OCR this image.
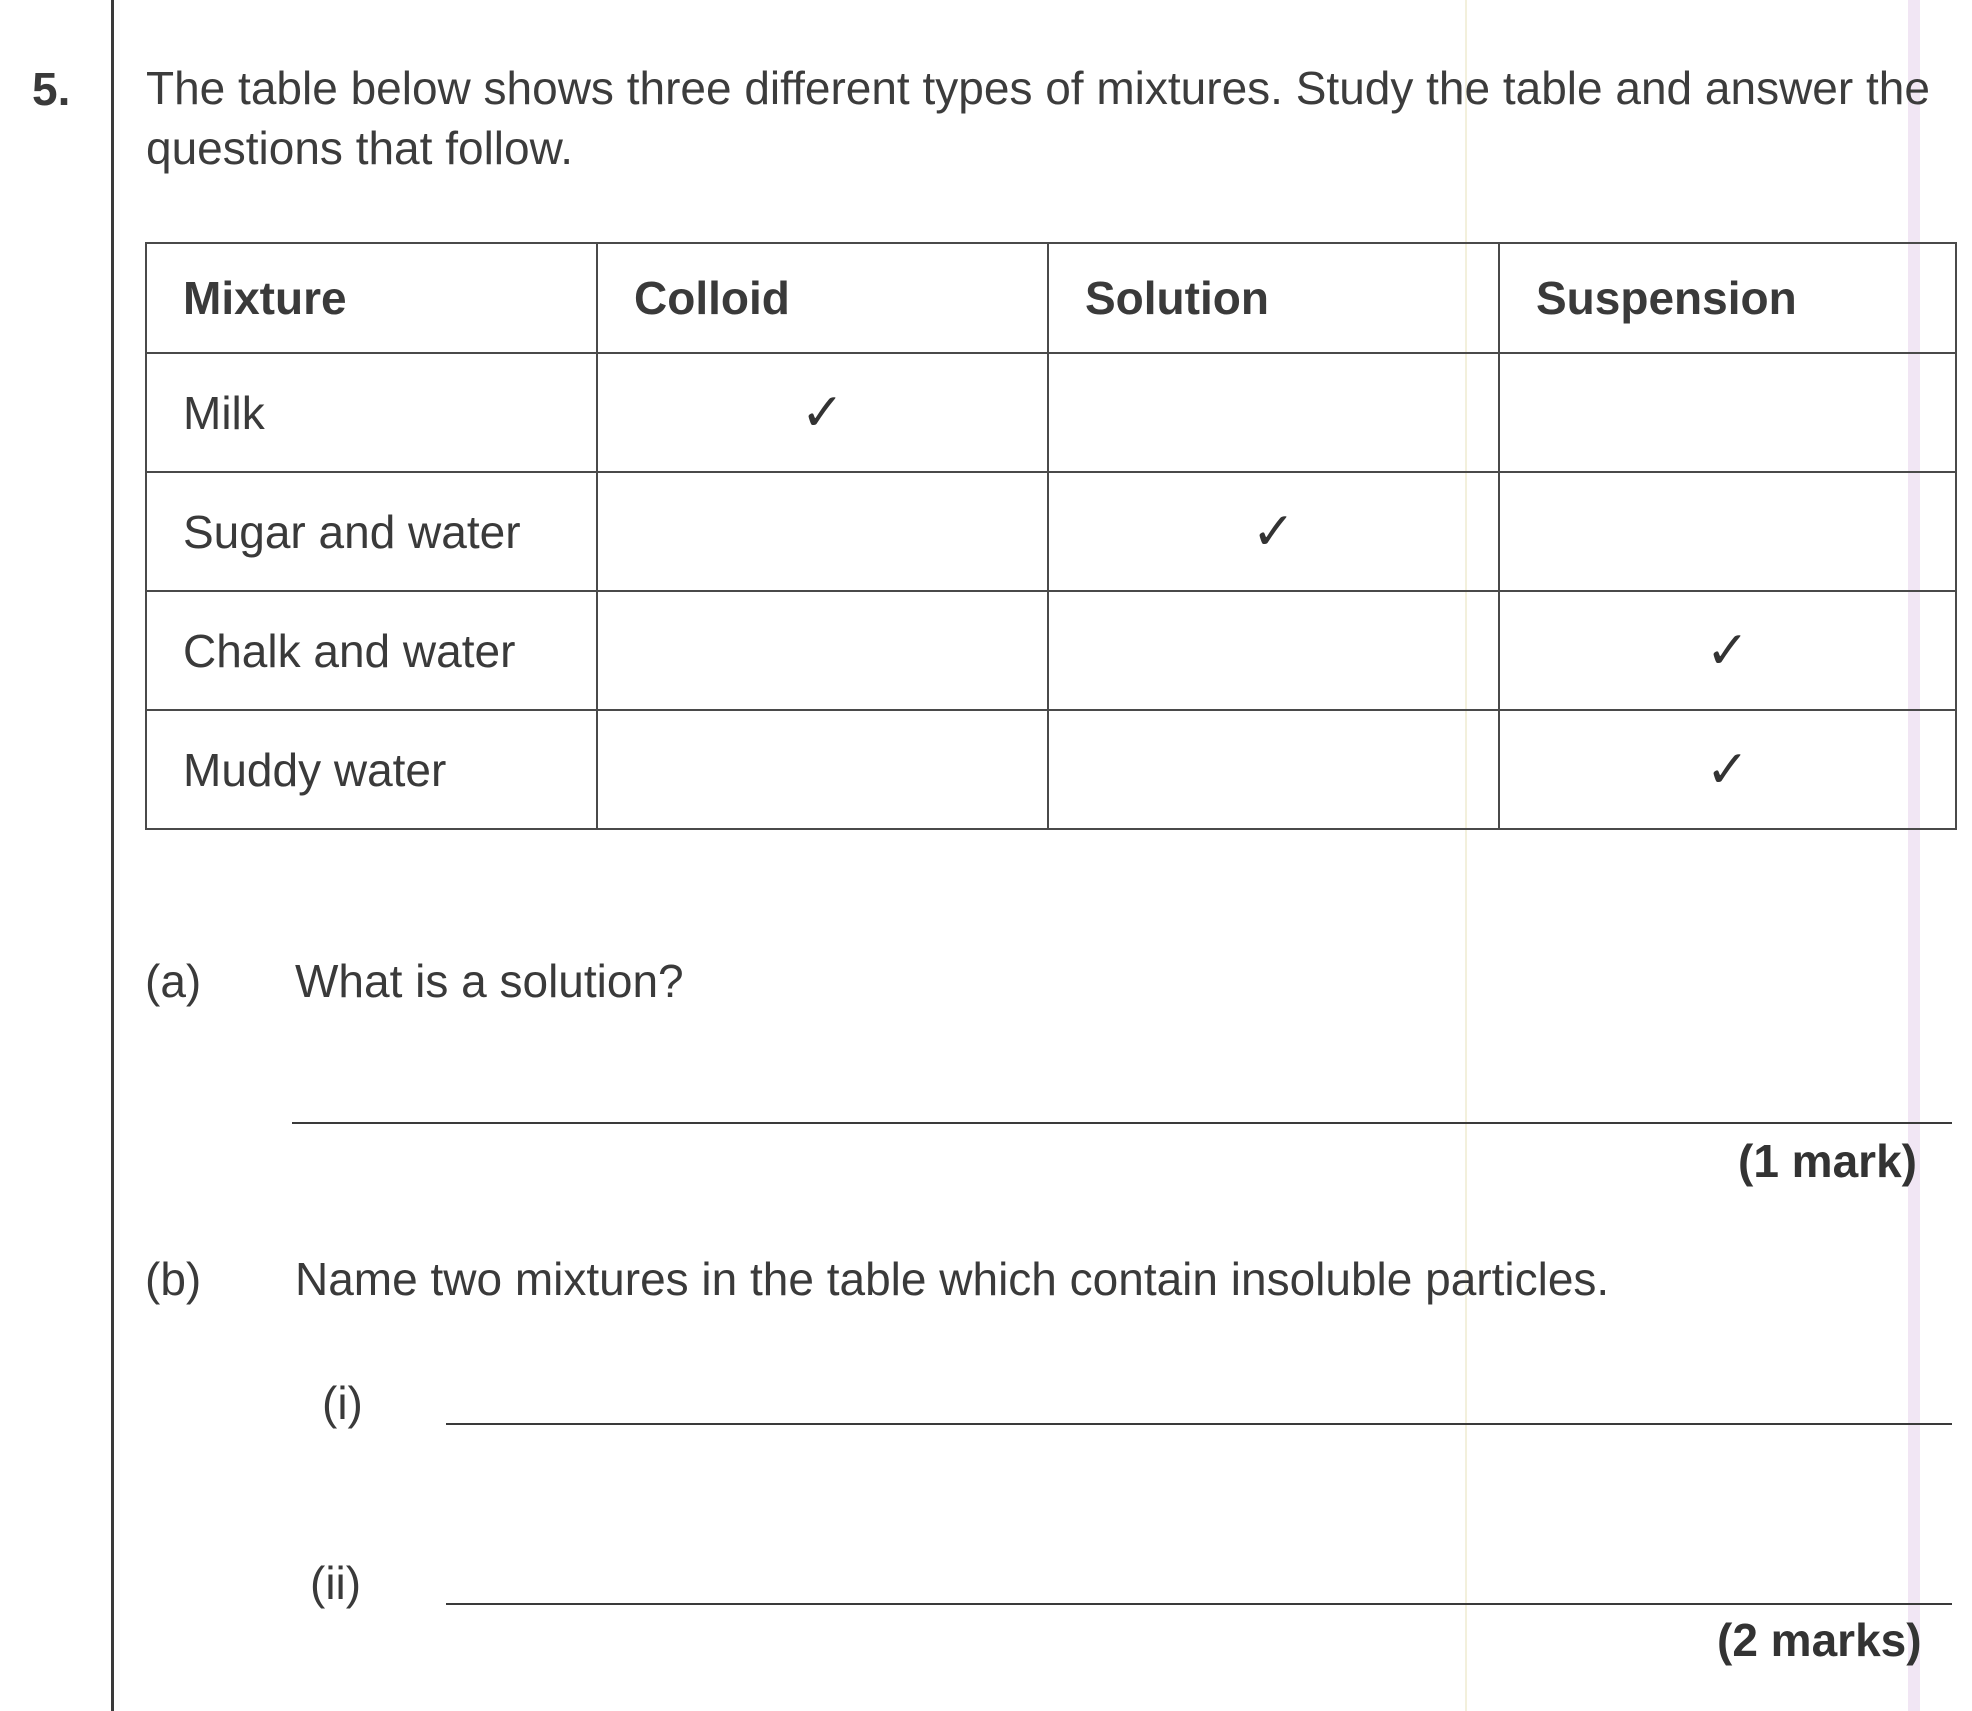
5. The table below shows three different types of mixtures. Study the table and answer the questions that follow.
Mixture	Colloid	Solution	Suspension
Milk	✓		
Sugar and water		✓	
Chalk and water			✓
Muddy water			✓
(a) What is a solution?
(1 mark)
(b) Name two mixtures in the table which contain insoluble particles.
(i)
(ii)
(2 marks)
